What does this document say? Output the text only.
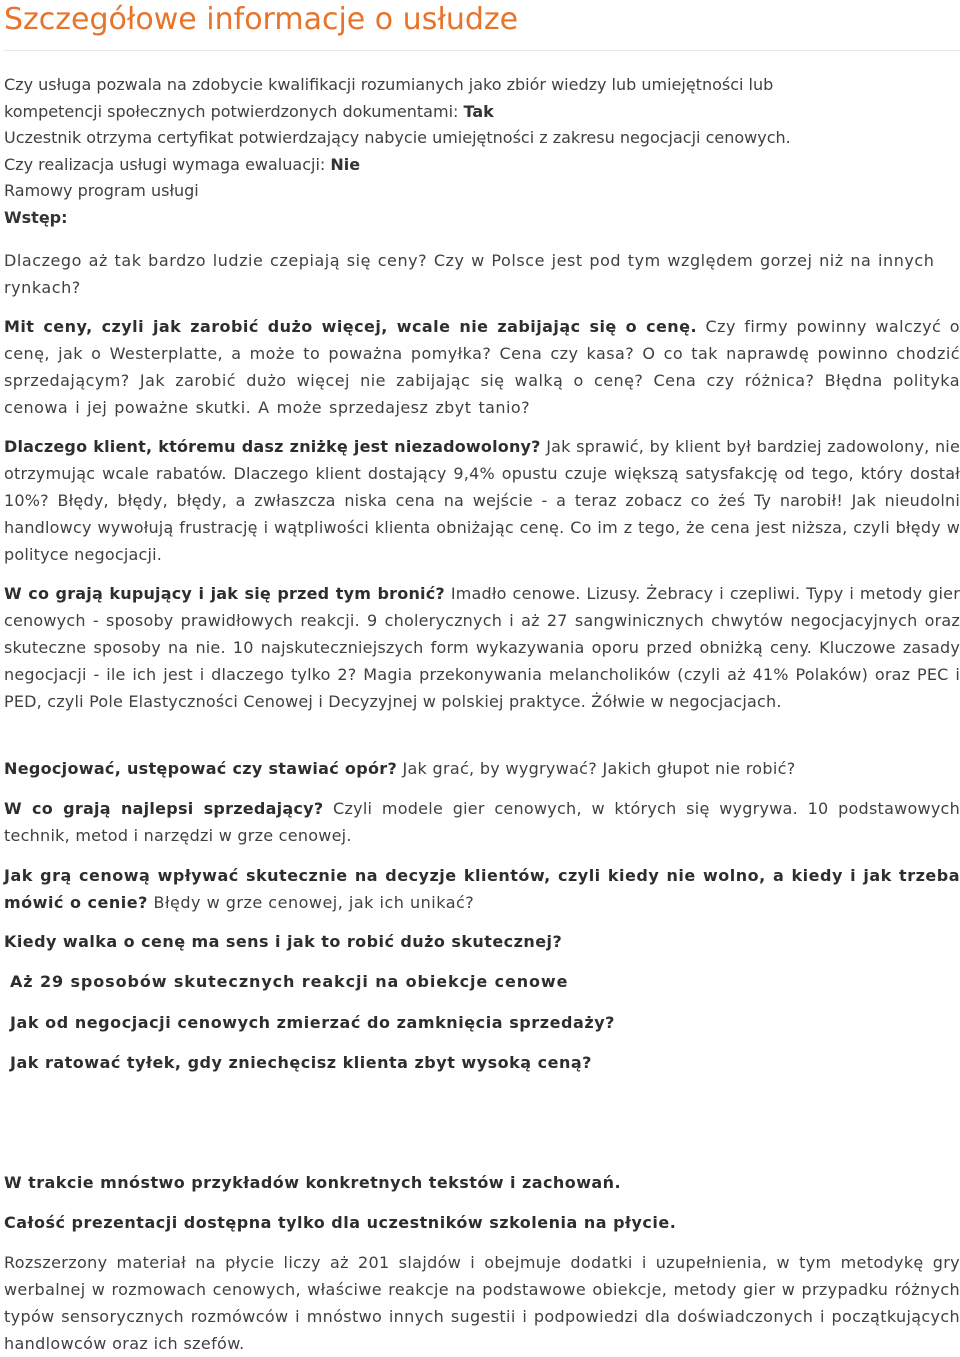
Szczegółowe informacje o usłudze
Czy usługa pozwala na zdobycie kwalifikacji rozumianych jako zbiór wiedzy lub umiejętności lub
kompetencji społecznych potwierdzonych dokumentami: Tak
Uczestnik otrzyma certyfikat potwierdzający nabycie umiejętności z zakresu negocjacji cenowych.
Czy realizacja usługi wymaga ewaluacji: Nie
Ramowy program usługi
Wstęp:
Dlaczego aż tak bardzo ludzie czepiają się ceny? Czy w Polsce jest pod tym względem gorzej niż na innych rynkach?
Mit ceny, czyli jak zarobić dużo więcej, wcale nie zabijając się o cenę. Czy firmy powinny walczyć o cenę, jak o Westerplatte, a może to poważna pomyłka? Cena czy kasa? O co tak naprawdę powinno chodzić sprzedającym? Jak zarobić dużo więcej nie zabijając się walką o cenę? Cena czy różnica? Błędna polityka cenowa i jej poważne skutki. A może sprzedajesz zbyt tanio?
Dlaczego klient, któremu dasz zniżkę jest niezadowolony? Jak sprawić, by klient był bardziej zadowolony, nie otrzymując wcale rabatów. Dlaczego klient dostający 9,4% opustu czuje większą satysfakcję od tego, który dostał 10%? Błędy, błędy, błędy, a zwłaszcza niska cena na wejście - a teraz zobacz co żeś Ty narobił! Jak nieudolni handlowcy wywołują frustrację i wątpliwości klienta obniżając cenę. Co im z tego, że cena jest niższa, czyli błędy w polityce negocjacji.
W co grają kupujący i jak się przed tym bronić? Imadło cenowe. Lizusy. Żebracy i czepliwi. Typy i metody gier cenowych - sposoby prawidłowych reakcji. 9 cholerycznych i aż 27 sangwinicznych chwytów negocjacyjnych oraz skuteczne sposoby na nie. 10 najskuteczniejszych form wykazywania oporu przed obniżką ceny. Kluczowe zasady negocjacji - ile ich jest i dlaczego tylko 2? Magia przekonywania melancholików (czyli aż 41% Polaków) oraz PEC i PED, czyli Pole Elastyczności Cenowej i Decyzyjnej w polskiej praktyce. Żółwie w negocjacjach.
Negocjować, ustępować czy stawiać opór? Jak grać, by wygrywać? Jakich głupot nie robić?
W co grają najlepsi sprzedający? Czyli modele gier cenowych, w których się wygrywa. 10 podstawowych technik, metod i narzędzi w grze cenowej.
Jak grą cenową wpływać skutecznie na decyzje klientów, czyli kiedy nie wolno, a kiedy i jak trzeba mówić o cenie? Błędy w grze cenowej, jak ich unikać?
Kiedy walka o cenę ma sens i jak to robić dużo skutecznej?
Aż 29 sposobów skutecznych reakcji na obiekcje cenowe
Jak od negocjacji cenowych zmierzać do zamknięcia sprzedaży?
Jak ratować tyłek, gdy zniechęcisz klienta zbyt wysoką ceną?
W trakcie mnóstwo przykładów konkretnych tekstów i zachowań.
Całość prezentacji dostępna tylko dla uczestników szkolenia na płycie.
Rozszerzony materiał na płycie liczy aż 201 slajdów i obejmuje dodatki i uzupełnienia, w tym metodykę gry werbalnej w rozmowach cenowych, właściwe reakcje na podstawowe obiekcje, metody gier w przypadku różnych typów sensorycznych rozmówców i mnóstwo innych sugestii i podpowiedzi dla doświadczonych i początkujących handlowców oraz ich szefów.
